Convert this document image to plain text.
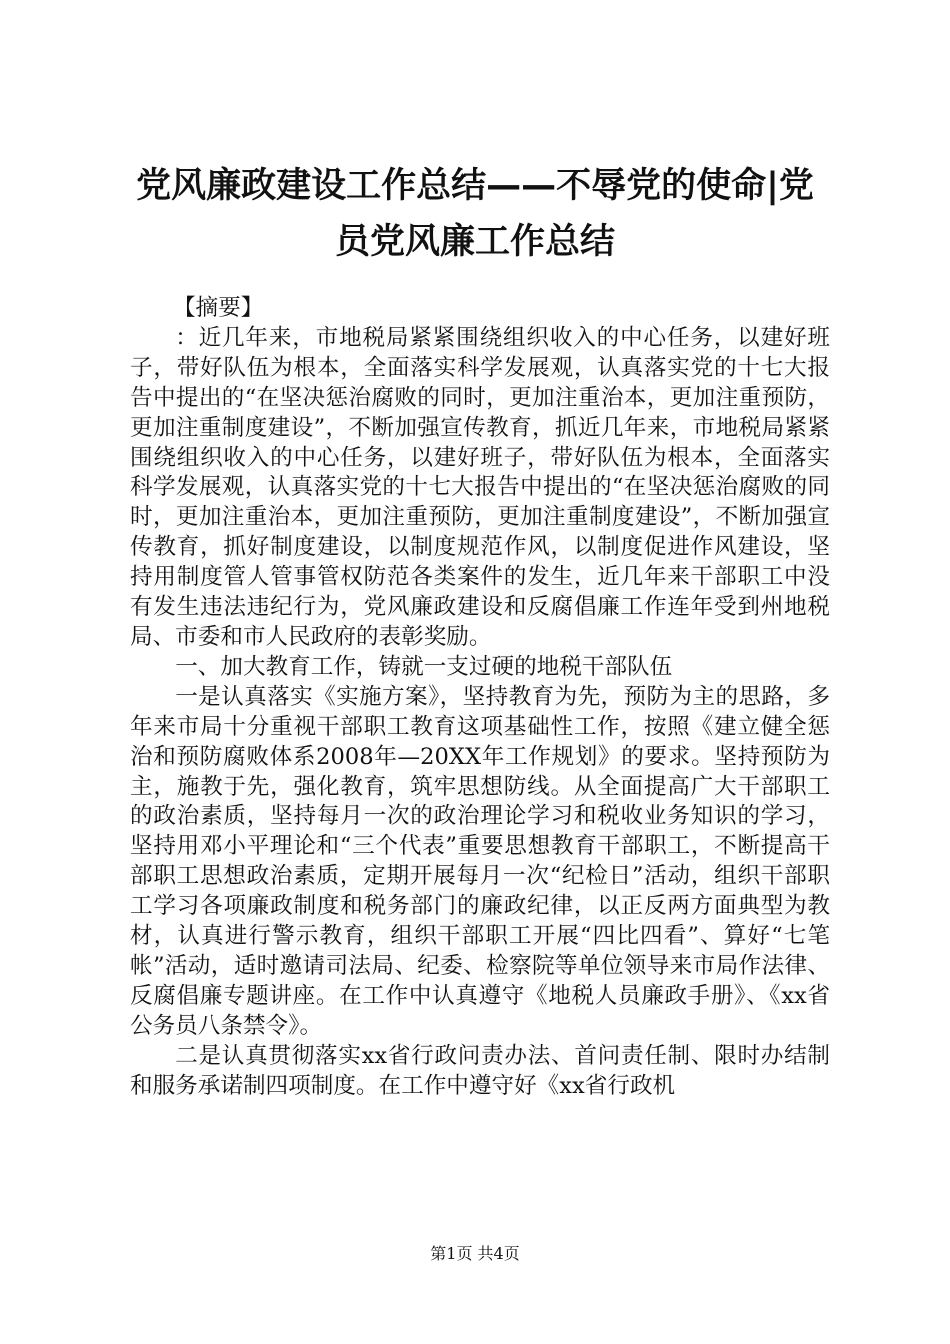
党风廉政建设工作总结——不辱党的使命|党
员党风廉工作总结

【摘要】

：近几年来，市地税局紧紧围绕组织收入的中心任务，以建好班子，带好队伍为根本，全面落实科学发展观，认真落实党的十七大报告中提出的“在坚决惩治腐败的同时，更加注重治本，更加注重预防，更加注重制度建设”，不断加强宣传教育，抓近几年来，市地税局紧紧围绕组织收入的中心任务，以建好班子，带好队伍为根本，全面落实科学发展观，认真落实党的十七大报告中提出的“在坚决惩治腐败的同时，更加注重治本，更加注重预防，更加注重制度建设”，不断加强宣传教育，抓好制度建设，以制度规范作风，以制度促进作风建设，坚持用制度管人管事管权防范各类案件的发生，近几年来干部职工中没有发生违法违纪行为，党风廉政建设和反腐倡廉工作连年受到州地税局、市委和市人民政府的表彰奖励。

一、加大教育工作，铸就一支过硬的地税干部队伍

一是认真落实《实施方案》，坚持教育为先，预防为主的思路，多年来市局十分重视干部职工教育这项基础性工作，按照《建立健全惩治和预防腐败体系2008年—20XX年工作规划》的要求。坚持预防为主，施教于先，强化教育，筑牢思想防线。从全面提高广大干部职工的政治素质，坚持每月一次的政治理论学习和税收业务知识的学习，坚持用邓小平理论和“三个代表”重要思想教育干部职工，不断提高干部职工思想政治素质，定期开展每月一次“纪检日”活动，组织干部职工学习各项廉政制度和税务部门的廉政纪律，以正反两方面典型为教材，认真进行警示教育，组织干部职工开展“四比四看”、算好“七笔帐”活动，适时邀请司法局、纪委、检察院等单位领导来市局作法律、反腐倡廉专题讲座。在工作中认真遵守《地税人员廉政手册》、《xx省公务员八条禁令》。

二是认真贯彻落实xx省行政问责办法、首问责任制、限时办结制和服务承诺制四项制度。在工作中遵守好《xx省行政机

第1页 共4页
